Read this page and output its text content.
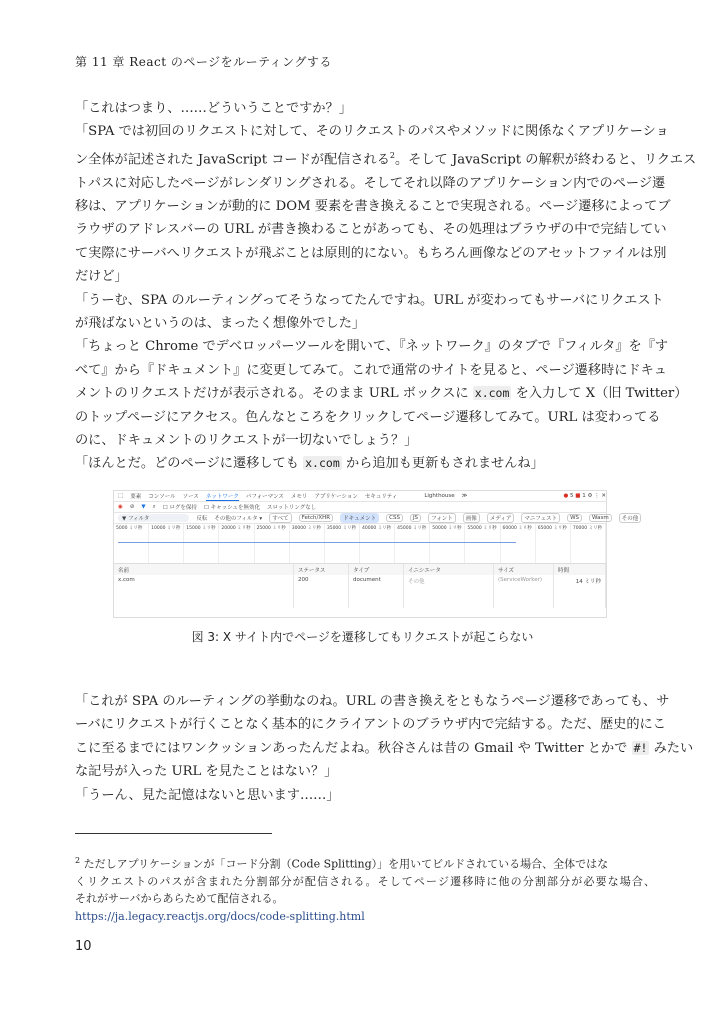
第 11 章 React のページをルーティングする
「これはつまり、……どういうことですか？」
「SPA では初回のリクエストに対して、そのリクエストのパスやメソッドに関係なくアプリケーショ
ン全体が記述された JavaScript コードが配信される$^2$。そして JavaScript の解釈が終わると、リクエス
トパスに対応したページがレンダリングされる。そしてそれ以降のアプリケーション内でのページ遷
移は、アプリケーションが動的に DOM 要素を書き換えることで実現される。ページ遷移によってブ
ラウザのアドレスバーの URL が書き換わることがあっても、その処理はブラウザの中で完結してい
て実際にサーバへリクエストが飛ぶことは原則的にない。もちろん画像などのアセットファイルは別
だけど」
「うーむ、SPA のルーティングってそうなってたんですね。URL が変わってもサーバにリクエスト
が飛ばないというのは、まったく想像外でした」
「ちょっと Chrome でデベロッパーツールを開いて、『ネットワーク』のタブで『フィルタ』を『す
べて』から『ドキュメント』に変更してみて。これで通常のサイトを見ると、ページ遷移時にドキュ
メントのリクエストだけが表示される。そのまま URL ボックスに x.com を入力して X（旧 Twitter）
のトップページにアクセス。色んなところをクリックしてページ遷移してみて。URL は変わってる
のに、ドキュメントのリクエストが一切ないでしょう？」
「ほんとだ。どのページに遷移しても x.com から追加も更新もされませんね」
⬚ 要素 コンソール ソース ネットワーク パフォーマンス メモリ アプリケーション セキュリティ	Lighthouse ≫	● 5 ■ 1 ⚙ ⋮ ✕
◉ ⊘ ▼ ⌕ ☐ ログを保持 ☐ キャッシュを無効化 スロットリングなし
▼ フィルタ	反転 その他のフィルタ ▾	すべて	Fetch/XHR	ドキュメント	CSS	JS	フォント	画像	メディア	マニフェスト	WS	Wasm	その他
5000 ミリ秒	10000 ミリ秒	15000 ミリ秒	20000 ミリ秒	25000 ミリ秒	30000 ミリ秒	35000 ミリ秒	40000 ミリ秒	45000 ミリ秒	50000 ミリ秒	55000 ミリ秒	60000 ミリ秒	65000 ミリ秒	70000 ミリ秒
名前	ステータス	タイプ	イニシエータ	サイズ	時間
x.com	200	document	その他	(ServiceWorker)	14 ミリ秒
図 3: X サイト内でページを遷移してもリクエストが起こらない
「これが SPA のルーティングの挙動なのね。URL の書き換えをともなうページ遷移であっても、サ
ーバにリクエストが行くことなく基本的にクライアントのブラウザ内で完結する。ただ、歴史的にこ
こに至るまでにはワンクッションあったんだよね。秋谷さんは昔の Gmail や Twitter とかで #! みたい
な記号が入った URL を見たことはない？」
「うーん、見た記憶はないと思います……」
$^2$ ただしアプリケーションが「コード分割（Code Splitting）」を用いてビルドされている場合、全体ではな

くリクエストのパスが含まれた分割部分が配信される。そしてページ遷移時に他の分割部分が必要な場合、
それがサーバからあらためて配信される。
https://ja.legacy.reactjs.org/docs/code-splitting.html
10
